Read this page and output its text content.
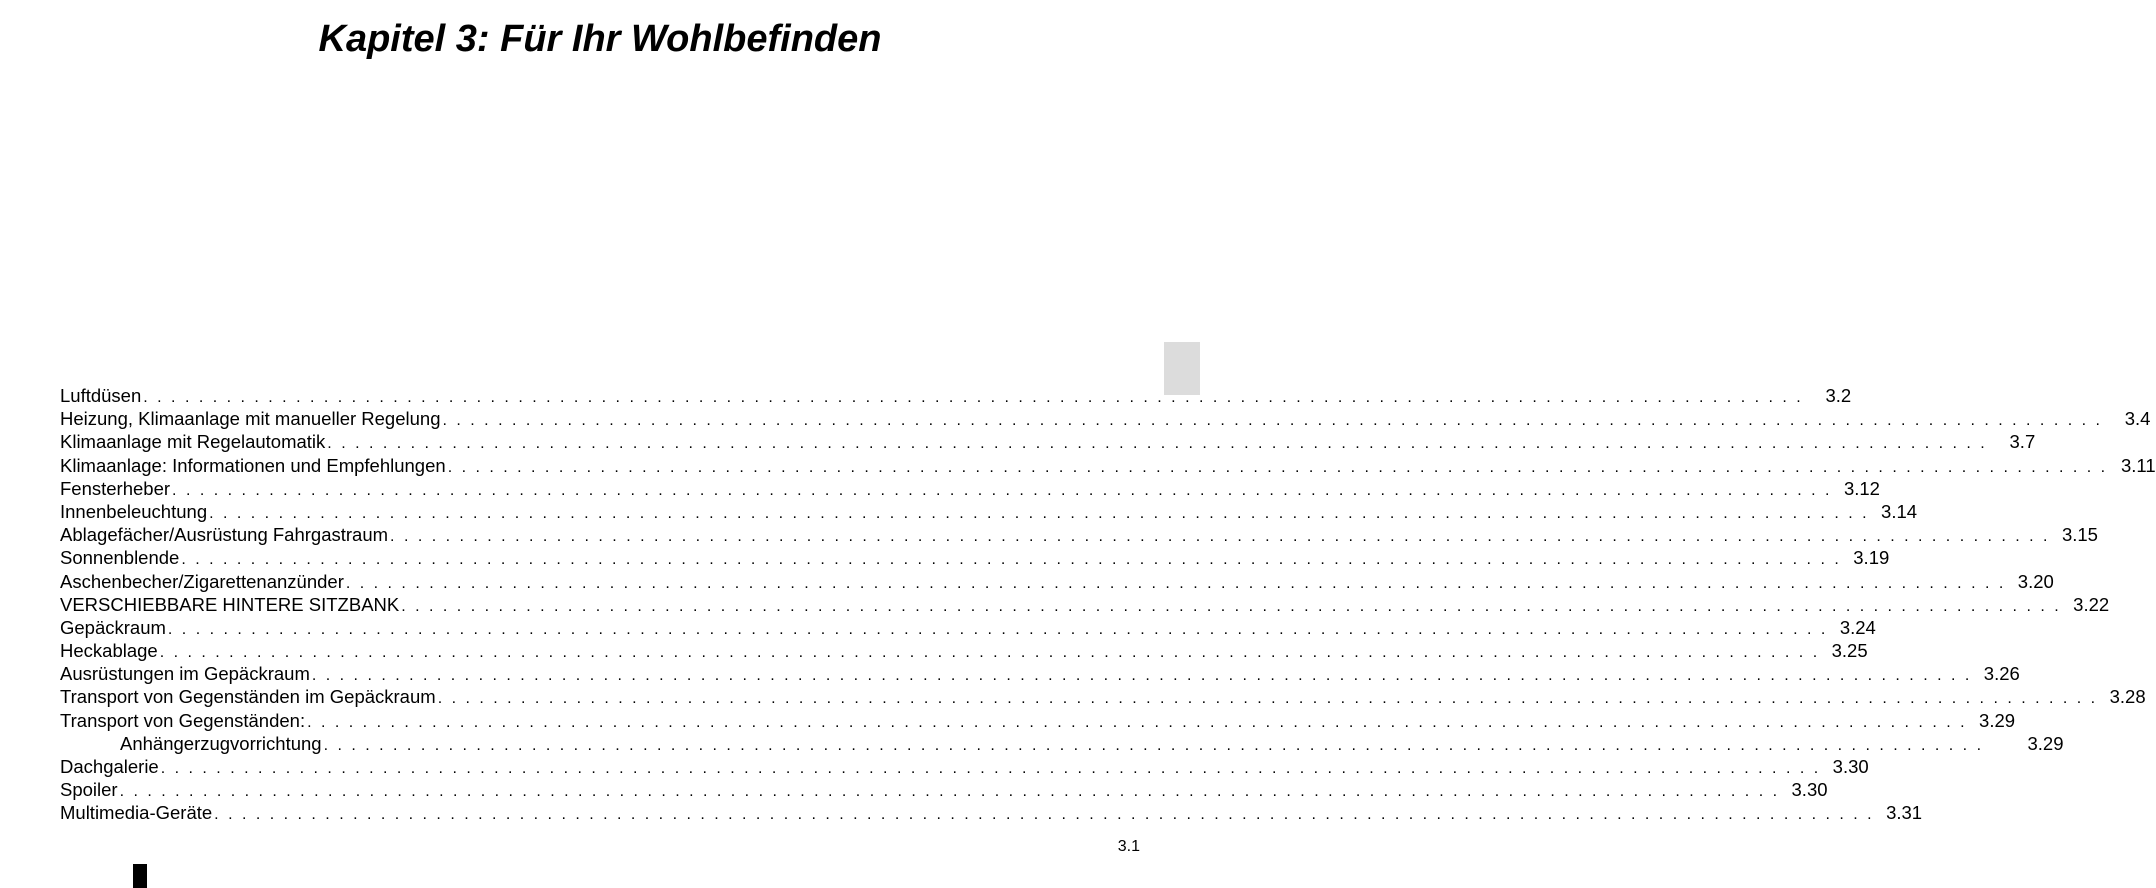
Kapitel 3: Für Ihr Wohlbefinden
Luftdüsen . . . . . . . . . . . . . . . . . . . . . . . . . . . . . . . . . . . . . . . . . . . . . . . . . . . . . . . . . . . . . . . . . . . . . . . . . . . . . . . . . . . . . . . . . . . . . . . . . . . . . . . . . . . . . . . . . . . . . . . .	3.2
Heizung, Klimaanlage mit manueller Regelung . . . . . . . . . . . . . . . . . . . . . . . . . . . . . . . . . . . . . . . . . . . . . . . . . . . . . . . . . . . . . . . . . . . . . . . . . . . . . . . . . . . . . . . . . . . . . . . . . . . . . . . . . . . . . . . . . . . . . . . .	3.4
Klimaanlage mit Regelautomatik . . . . . . . . . . . . . . . . . . . . . . . . . . . . . . . . . . . . . . . . . . . . . . . . . . . . . . . . . . . . . . . . . . . . . . . . . . . . . . . . . . . . . . . . . . . . . . . . . . . . . . . . . . . . . . . . . . . . . . . .	3.7
Klimaanlage: Informationen und Empfehlungen . . . . . . . . . . . . . . . . . . . . . . . . . . . . . . . . . . . . . . . . . . . . . . . . . . . . . . . . . . . . . . . . . . . . . . . . . . . . . . . . . . . . . . . . . . . . . . . . . . . . . . . . . . . . . . . . . . . . . . . . 3.11
Fensterheber . . . . . . . . . . . . . . . . . . . . . . . . . . . . . . . . . . . . . . . . . . . . . . . . . . . . . . . . . . . . . . . . . . . . . . . . . . . . . . . . . . . . . . . . . . . . . . . . . . . . . . . . . . . . . . . . . . . . . . . . 3.12
Innenbeleuchtung . . . . . . . . . . . . . . . . . . . . . . . . . . . . . . . . . . . . . . . . . . . . . . . . . . . . . . . . . . . . . . . . . . . . . . . . . . . . . . . . . . . . . . . . . . . . . . . . . . . . . . . . . . . . . . . . . . . . . . . . 3.14
Ablagefächer/Ausrüstung Fahrgastraum . . . . . . . . . . . . . . . . . . . . . . . . . . . . . . . . . . . . . . . . . . . . . . . . . . . . . . . . . . . . . . . . . . . . . . . . . . . . . . . . . . . . . . . . . . . . . . . . . . . . . . . . . . . . . . . . . . . . . . . . 3.15
Sonnenblende . . . . . . . . . . . . . . . . . . . . . . . . . . . . . . . . . . . . . . . . . . . . . . . . . . . . . . . . . . . . . . . . . . . . . . . . . . . . . . . . . . . . . . . . . . . . . . . . . . . . . . . . . . . . . . . . . . . . . . . . 3.19
Aschenbecher/Zigarettenanzünder . . . . . . . . . . . . . . . . . . . . . . . . . . . . . . . . . . . . . . . . . . . . . . . . . . . . . . . . . . . . . . . . . . . . . . . . . . . . . . . . . . . . . . . . . . . . . . . . . . . . . . . . . . . . . . . . . . . . . . . . 3.20
VERSCHIEBBARE HINTERE SITZBANK . . . . . . . . . . . . . . . . . . . . . . . . . . . . . . . . . . . . . . . . . . . . . . . . . . . . . . . . . . . . . . . . . . . . . . . . . . . . . . . . . . . . . . . . . . . . . . . . . . . . . . . . . . . . . . . . . . . . . . . . 3.22
Gepäckraum . . . . . . . . . . . . . . . . . . . . . . . . . . . . . . . . . . . . . . . . . . . . . . . . . . . . . . . . . . . . . . . . . . . . . . . . . . . . . . . . . . . . . . . . . . . . . . . . . . . . . . . . . . . . . . . . . . . . . . . . 3.24
Heckablage . . . . . . . . . . . . . . . . . . . . . . . . . . . . . . . . . . . . . . . . . . . . . . . . . . . . . . . . . . . . . . . . . . . . . . . . . . . . . . . . . . . . . . . . . . . . . . . . . . . . . . . . . . . . . . . . . . . . . . . . 3.25
Ausrüstungen im Gepäckraum . . . . . . . . . . . . . . . . . . . . . . . . . . . . . . . . . . . . . . . . . . . . . . . . . . . . . . . . . . . . . . . . . . . . . . . . . . . . . . . . . . . . . . . . . . . . . . . . . . . . . . . . . . . . . . . . . . . . . . . . 3.26
Transport von Gegenständen im Gepäckraum . . . . . . . . . . . . . . . . . . . . . . . . . . . . . . . . . . . . . . . . . . . . . . . . . . . . . . . . . . . . . . . . . . . . . . . . . . . . . . . . . . . . . . . . . . . . . . . . . . . . . . . . . . . . . . . . . . . . . . . . 3.28
Transport von Gegenständen: . . . . . . . . . . . . . . . . . . . . . . . . . . . . . . . . . . . . . . . . . . . . . . . . . . . . . . . . . . . . . . . . . . . . . . . . . . . . . . . . . . . . . . . . . . . . . . . . . . . . . . . . . . . . . . . . . . . . . . . . 3.29
Anhängerzugvorrichtung . . . . . . . . . . . . . . . . . . . . . . . . . . . . . . . . . . . . . . . . . . . . . . . . . . . . . . . . . . . . . . . . . . . . . . . . . . . . . . . . . . . . . . . . . . . . . . . . . . . . . . . . . . . . . . . . . . . . . . . .	3.29
Dachgalerie . . . . . . . . . . . . . . . . . . . . . . . . . . . . . . . . . . . . . . . . . . . . . . . . . . . . . . . . . . . . . . . . . . . . . . . . . . . . . . . . . . . . . . . . . . . . . . . . . . . . . . . . . . . . . . . . . . . . . . . . 3.30
Spoiler . . . . . . . . . . . . . . . . . . . . . . . . . . . . . . . . . . . . . . . . . . . . . . . . . . . . . . . . . . . . . . . . . . . . . . . . . . . . . . . . . . . . . . . . . . . . . . . . . . . . . . . . . . . . . . . . . . . . . . . . 3.30
Multimedia-Geräte . . . . . . . . . . . . . . . . . . . . . . . . . . . . . . . . . . . . . . . . . . . . . . . . . . . . . . . . . . . . . . . . . . . . . . . . . . . . . . . . . . . . . . . . . . . . . . . . . . . . . . . . . . . . . . . . . . . . . . . . 3.31
3.1
